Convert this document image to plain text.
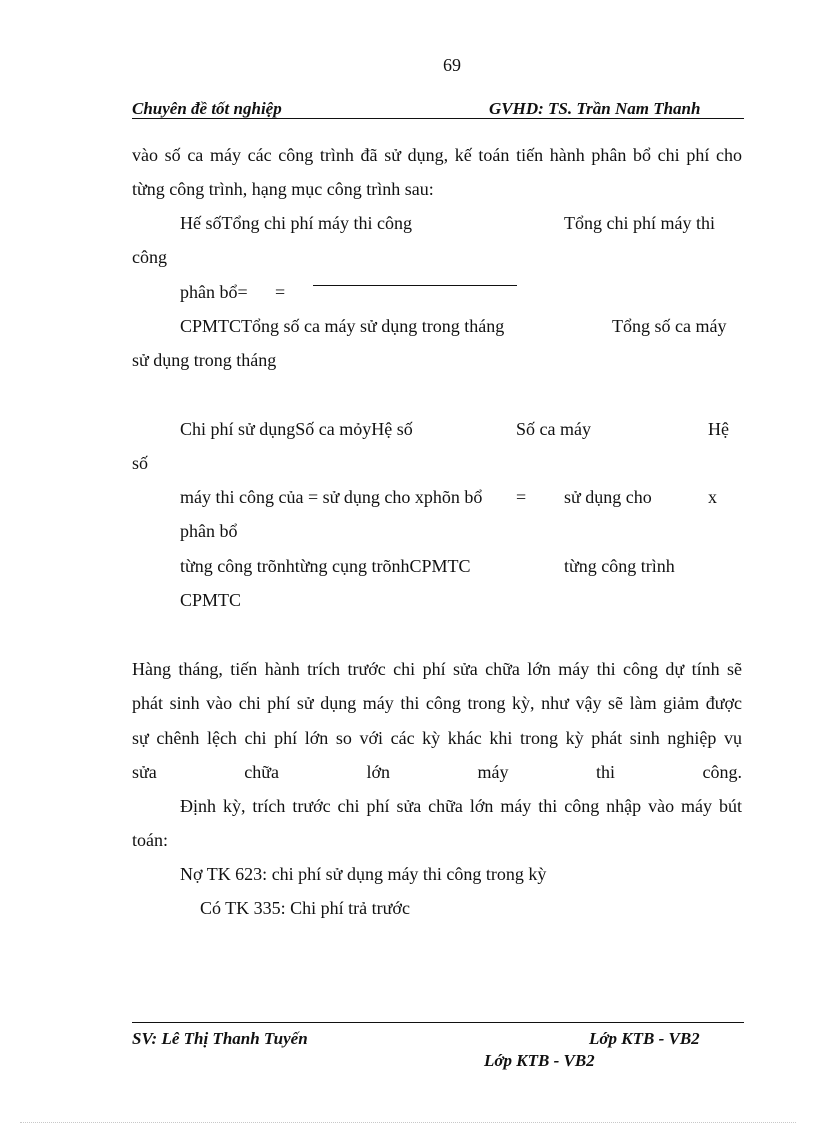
69
Chuyên đề tốt nghiệp	GVHD: TS. Trần Nam Thanh
vào số ca máy các công trình đã sử dụng, kế toán tiến hành phân bổ chi phí cho
từng công trình, hạng mục công trình sau:
Hế sốTổng chi phí máy thi công	Tổng chi phí máy thi
công
phân bổ= =
CPMTCTổng số ca máy sử dụng trong tháng	Tổng số ca máy
sử dụng trong tháng
Chi phí sử dụngSố ca mỏyHệ số	Số ca máy	Hệ
số
máy thi công của = sử dụng cho xphõn bổ = sử dụng cho	x
phân bổ
từng công trõnhtừng cụng trõnhCPMTC	từng công trình
CPMTC
Hàng tháng, tiến hành trích trước chi phí sửa chữa lớn máy thi công dự tính sẽ
phát sinh vào chi phí sử dụng máy thi công trong kỳ, như vậy sẽ làm giảm được
sự chênh lệch chi phí lớn so với các kỳ khác khi trong kỳ phát sinh nghiệp vụ
sửa	chữa	lớn	máy	thi	công.
Định kỳ, trích trước chi phí sửa chữa lớn máy thi công nhập vào máy bút
toán:
Nợ TK 623: chi phí sử dụng máy thi công trong kỳ
Có TK 335: Chi phí trả trước
SV: Lê Thị Thanh Tuyến	Lớp KTB - VB2
Lớp KTB - VB2
